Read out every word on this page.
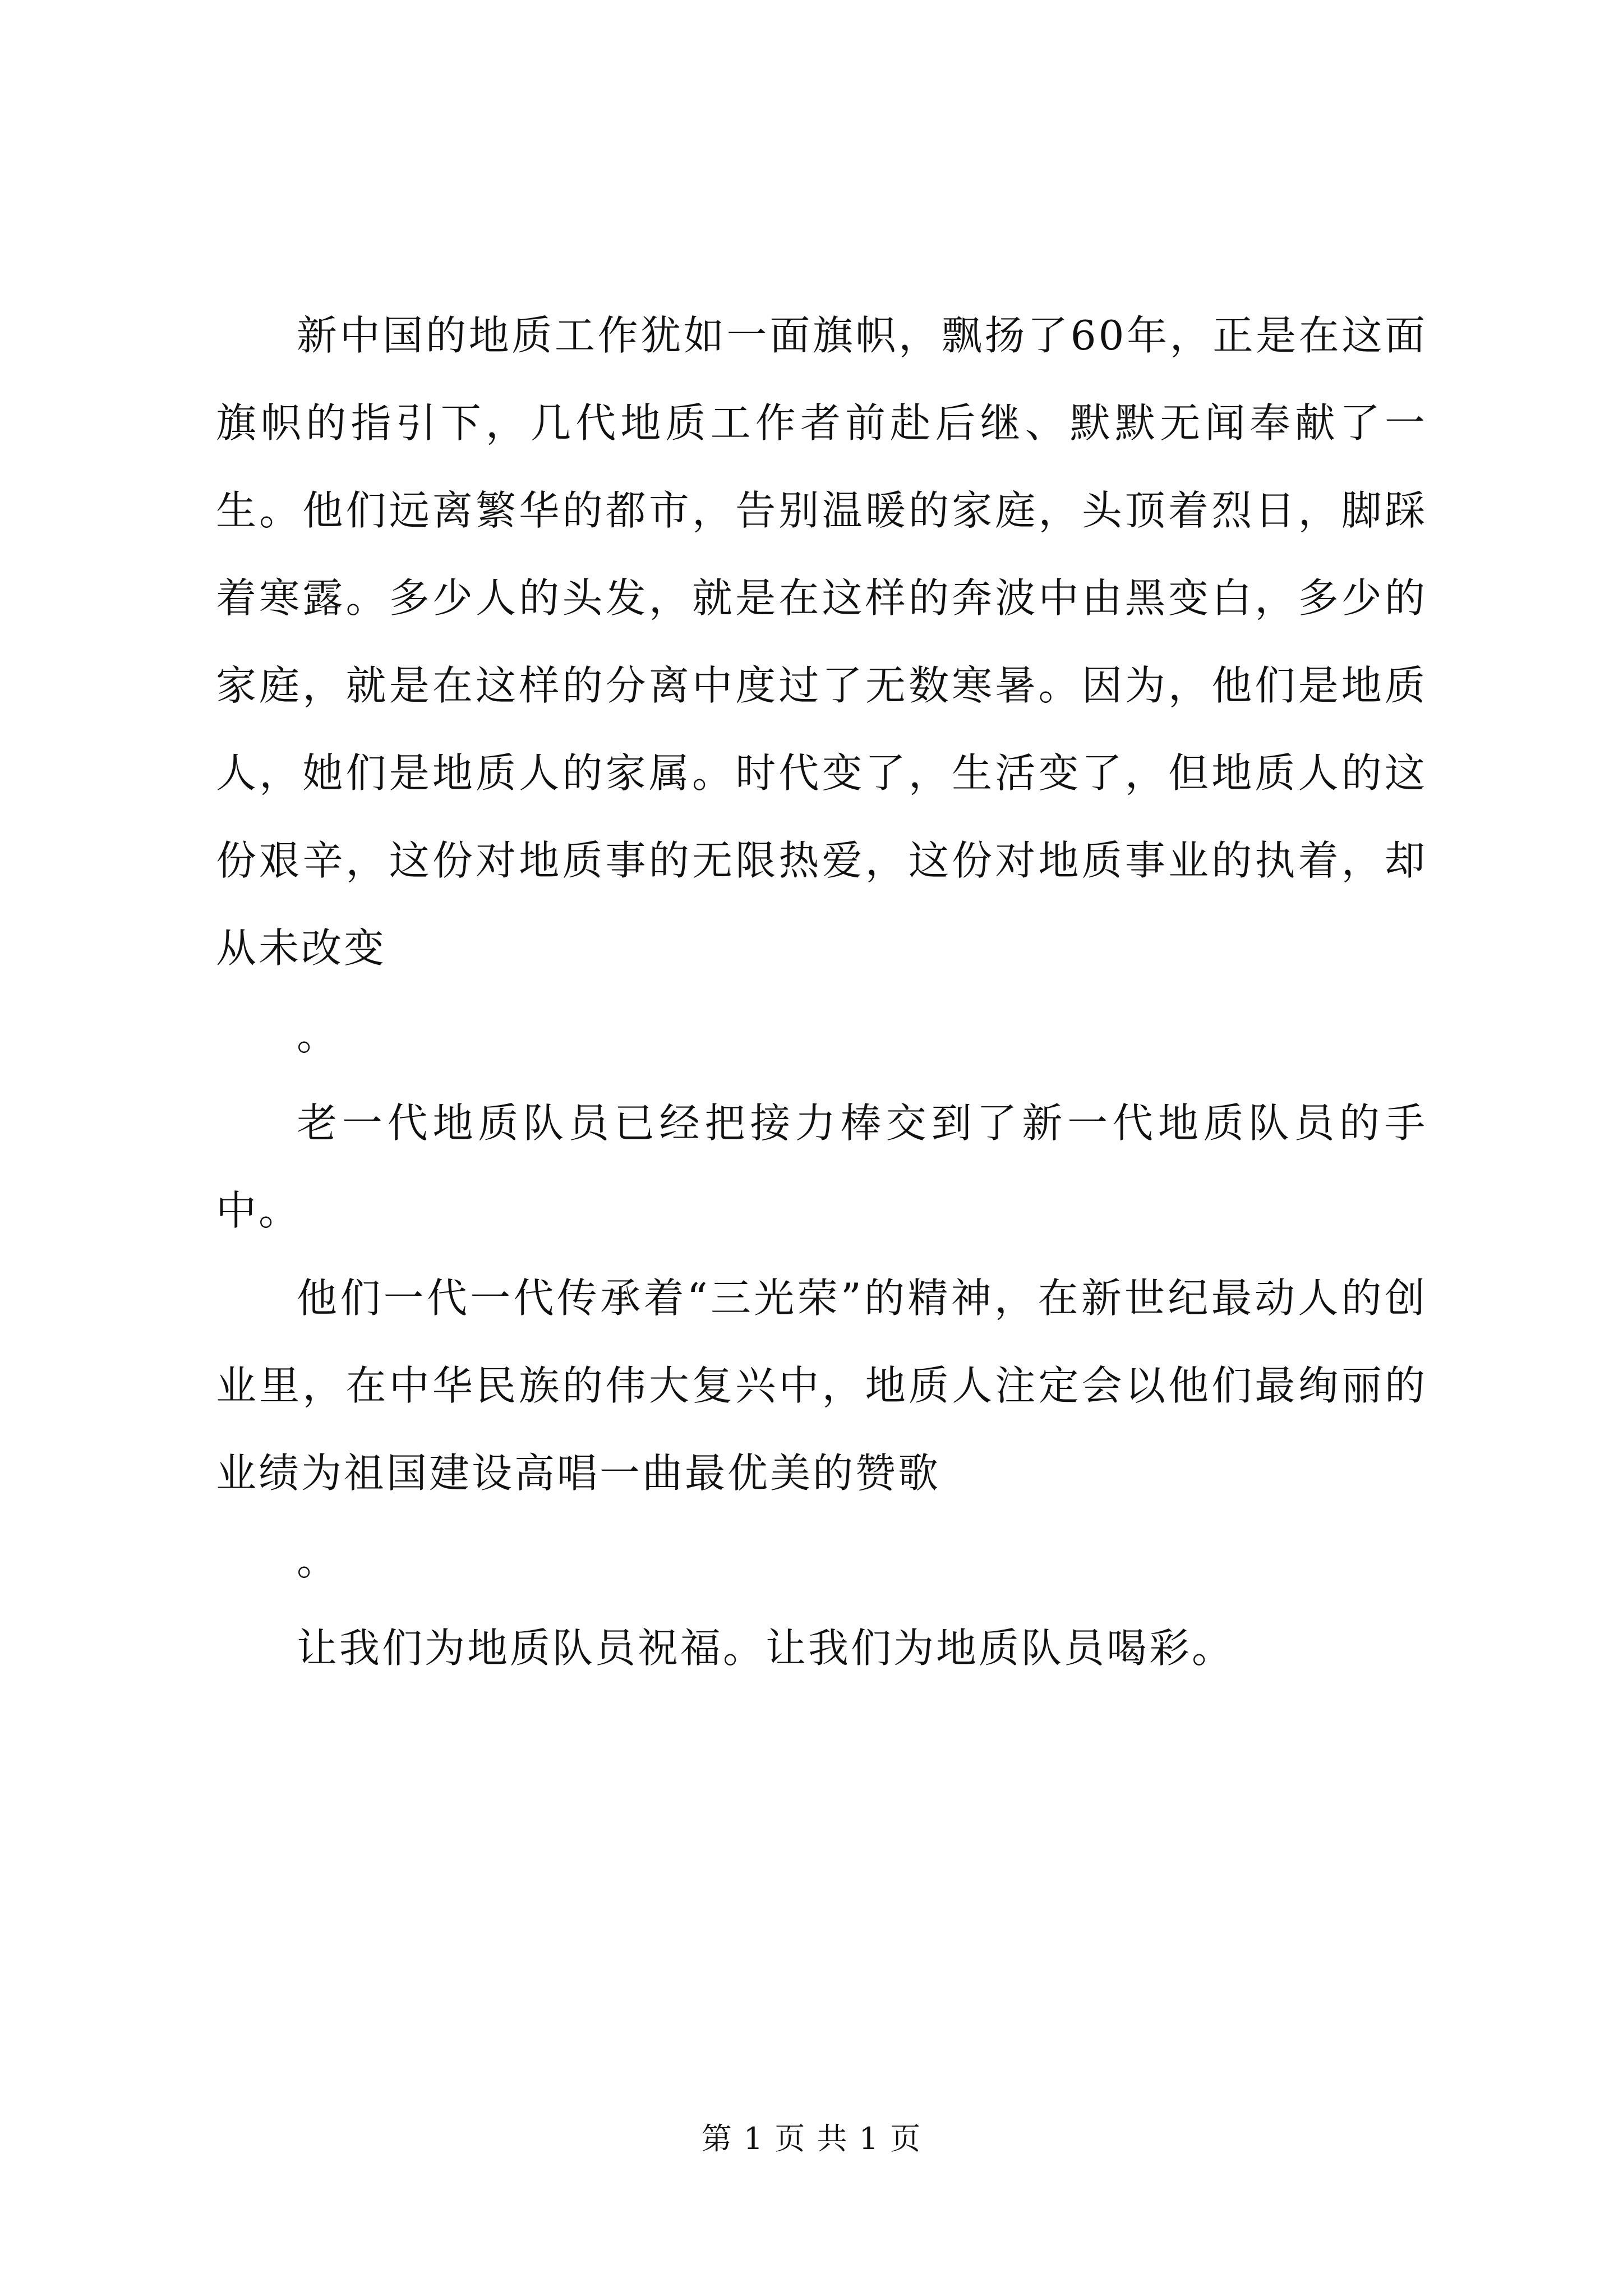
新中国的地质工作犹如一面旗帜，飘扬了60年，正是在这面旗帜的指引下，几代地质工作者前赴后继、默默无闻奉献了一生。他们远离繁华的都市，告别温暖的家庭，头顶着烈日，脚踩着寒露。多少人的头发，就是在这样的奔波中由黑变白，多少的家庭，就是在这样的分离中度过了无数寒暑。因为，他们是地质人，她们是地质人的家属。时代变了，生活变了，但地质人的这份艰辛，这份对地质事的无限热爱，这份对地质事业的执着，却从未改变

。

老一代地质队员已经把接力棒交到了新一代地质队员的手中。

他们一代一代传承着“三光荣”的精神，在新世纪最动人的创业里，在中华民族的伟大复兴中，地质人注定会以他们最绚丽的业绩为祖国建设高唱一曲最优美的赞歌

。

让我们为地质队员祝福。让我们为地质队员喝彩。

第 1 页 共 1 页
